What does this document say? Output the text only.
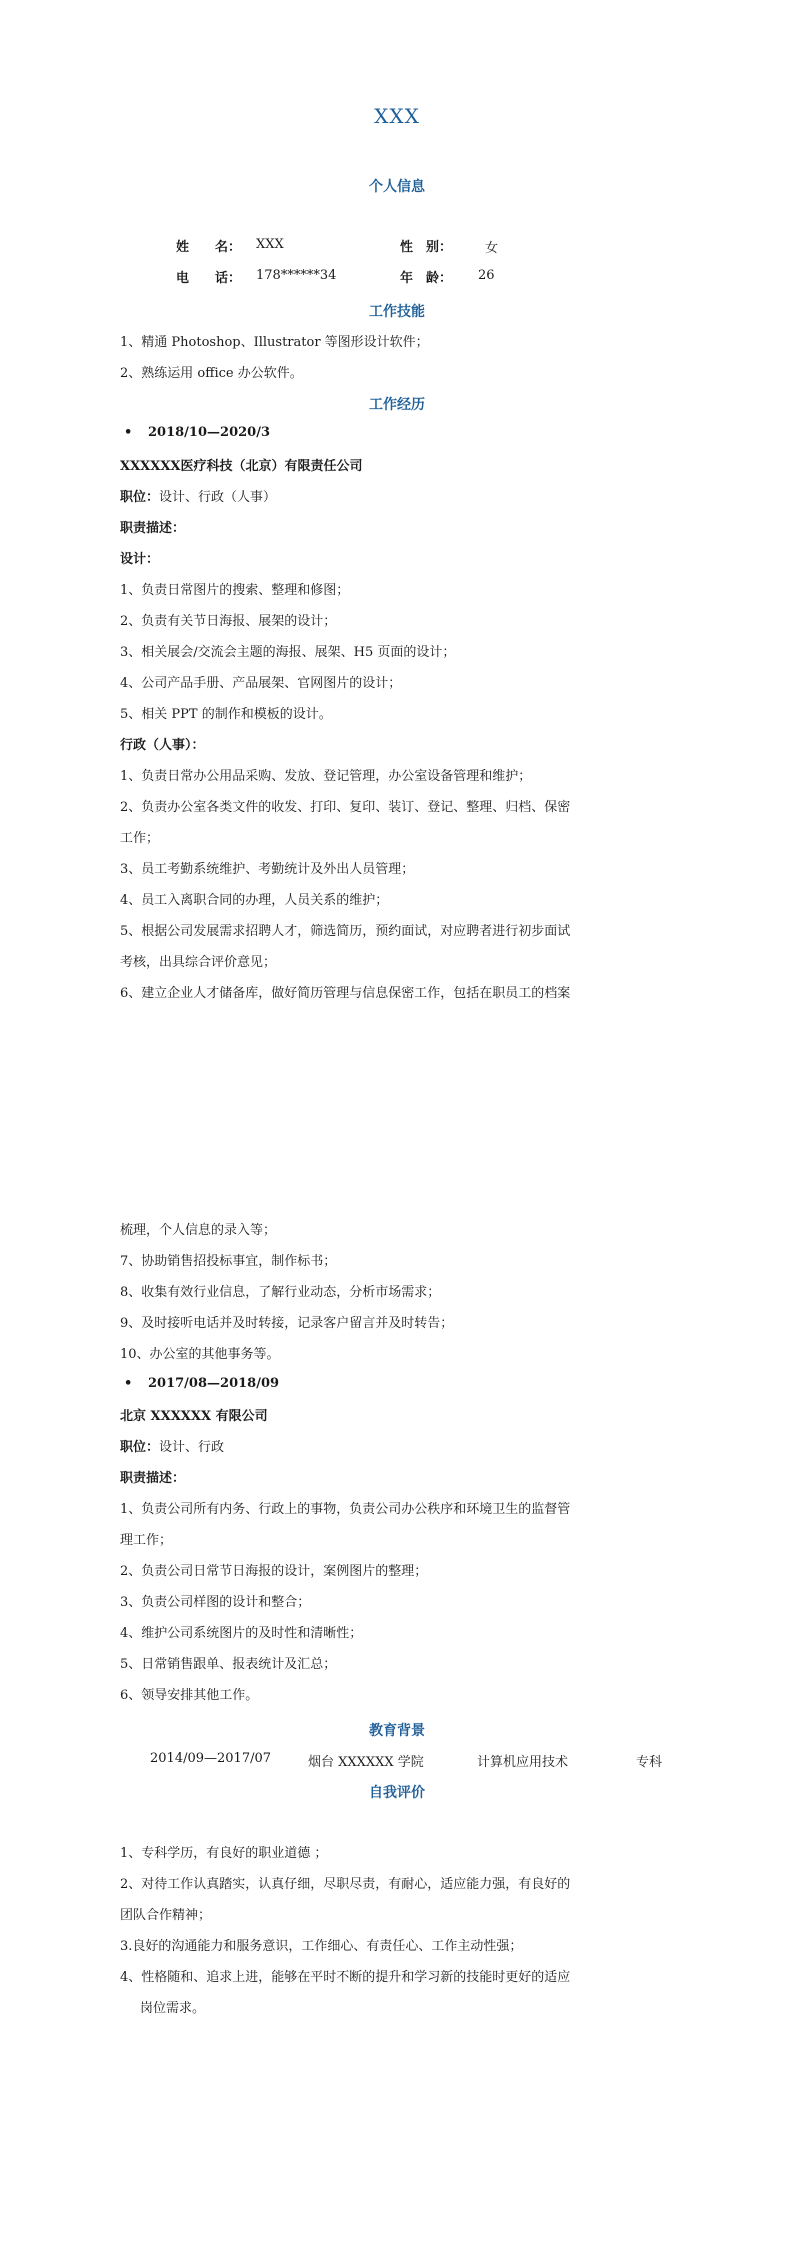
XXX
个人信息
姓　　名： XXX	性　别：	女
电　　话： 178******34	年　龄： 26
工作技能
1、精通 Photoshop、Illustrator 等图形设计软件；
2、熟练运用 office 办公软件。
工作经历
• 2018/10—2020/3
XXXXXX医疗科技（北京）有限责任公司
职位：设计、行政（人事）
职责描述：
设计：
1、负责日常图片的搜索、整理和修图；
2、负责有关节日海报、展架的设计；
3、相关展会/交流会主题的海报、展架、H5 页面的设计；
4、公司产品手册、产品展架、官网图片的设计；
5、相关 PPT 的制作和模板的设计。
行政（人事）：
1、负责日常办公用品采购、发放、登记管理，办公室设备管理和维护；
2、负责办公室各类文件的收发、打印、复印、装订、登记、整理、归档、保密
工作；
3、员工考勤系统维护、考勤统计及外出人员管理；
4、员工入离职合同的办理，人员关系的维护；
5、根据公司发展需求招聘人才，筛选简历，预约面试，对应聘者进行初步面试
考核，出具综合评价意见；
6、建立企业人才储备库，做好简历管理与信息保密工作，包括在职员工的档案
梳理，个人信息的录入等；
7、协助销售招投标事宜，制作标书；
8、收集有效行业信息，了解行业动态，分析市场需求；
9、及时接听电话并及时转接，记录客户留言并及时转告；
10、办公室的其他事务等。
• 2017/08—2018/09
北京 XXXXXX 有限公司
职位：设计、行政
职责描述：
1、负责公司所有内务、行政上的事物，负责公司办公秩序和环境卫生的监督管
理工作；
2、负责公司日常节日海报的设计，案例图片的整理；
3、负责公司样图的设计和整合；
4、维护公司系统图片的及时性和清晰性；
5、日常销售跟单、报表统计及汇总；
6、领导安排其他工作。
教育背景
2014/09—2017/07	烟台 XXXXXX 学院	计算机应用技术	专科
自我评价
1、专科学历，有良好的职业道德 ；
2、对待工作认真踏实，认真仔细，尽职尽责，有耐心，适应能力强，有良好的
团队合作精神；
3.良好的沟通能力和服务意识，工作细心、有责任心、工作主动性强；
4、性格随和、追求上进，能够在平时不断的提升和学习新的技能时更好的适应
岗位需求。
